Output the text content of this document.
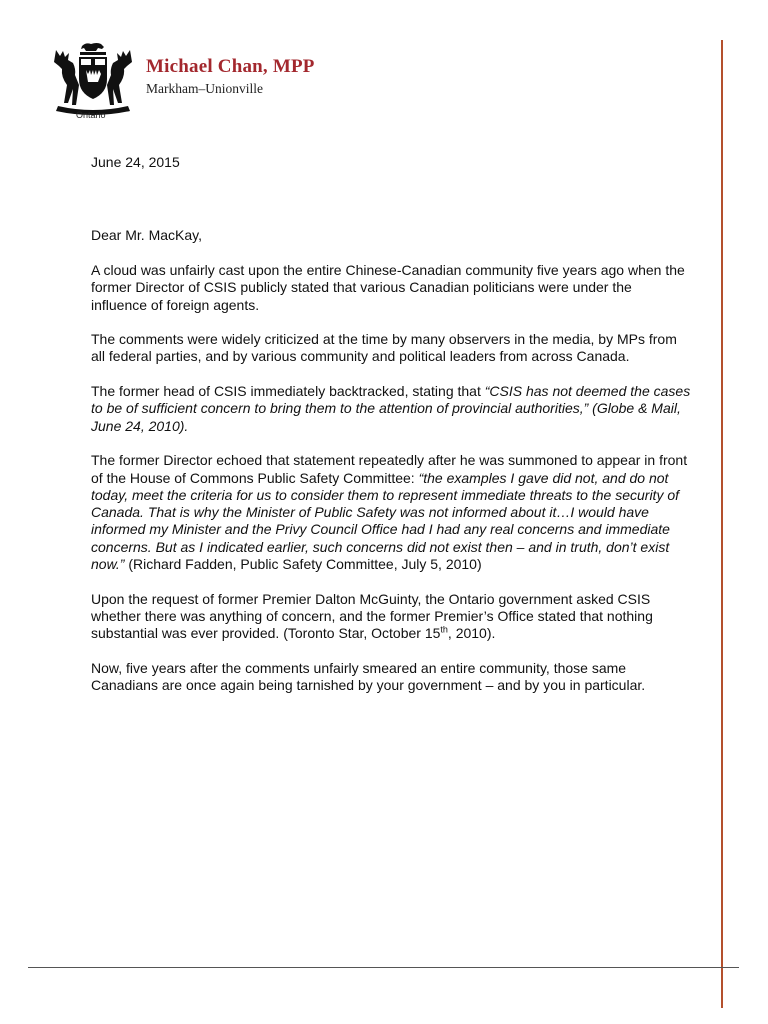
Ontario
Michael Chan, MPP
Markham–Unionville
June 24, 2015
Dear Mr. MacKay,

A cloud was unfairly cast upon the entire Chinese-Canadian community five years ago when the former Director of CSIS publicly stated that various Canadian politicians were under the influence of foreign agents.

The comments were widely criticized at the time by many observers in the media, by MPs from all federal parties, and by various community and political leaders from across Canada.

The former head of CSIS immediately backtracked, stating that “CSIS has not deemed the cases to be of sufficient concern to bring them to the attention of provincial authorities,” (Globe & Mail, June 24, 2010).

The former Director echoed that statement repeatedly after he was summoned to appear in front of the House of Commons Public Safety Committee: “the examples I gave did not, and do not today, meet the criteria for us to consider them to represent immediate threats to the security of Canada. That is why the Minister of Public Safety was not informed about it…I would have informed my Minister and the Privy Council Office had I had any real concerns and immediate concerns. But as I indicated earlier, such concerns did not exist then – and in truth, don’t exist now.” (Richard Fadden, Public Safety Committee, July 5, 2010)

Upon the request of former Premier Dalton McGuinty, the Ontario government asked CSIS whether there was anything of concern, and the former Premier’s Office stated that nothing substantial was ever provided. (Toronto Star, October 15th, 2010).

Now, five years after the comments unfairly smeared an entire community, those same Canadians are once again being tarnished by your government – and by you in particular.
